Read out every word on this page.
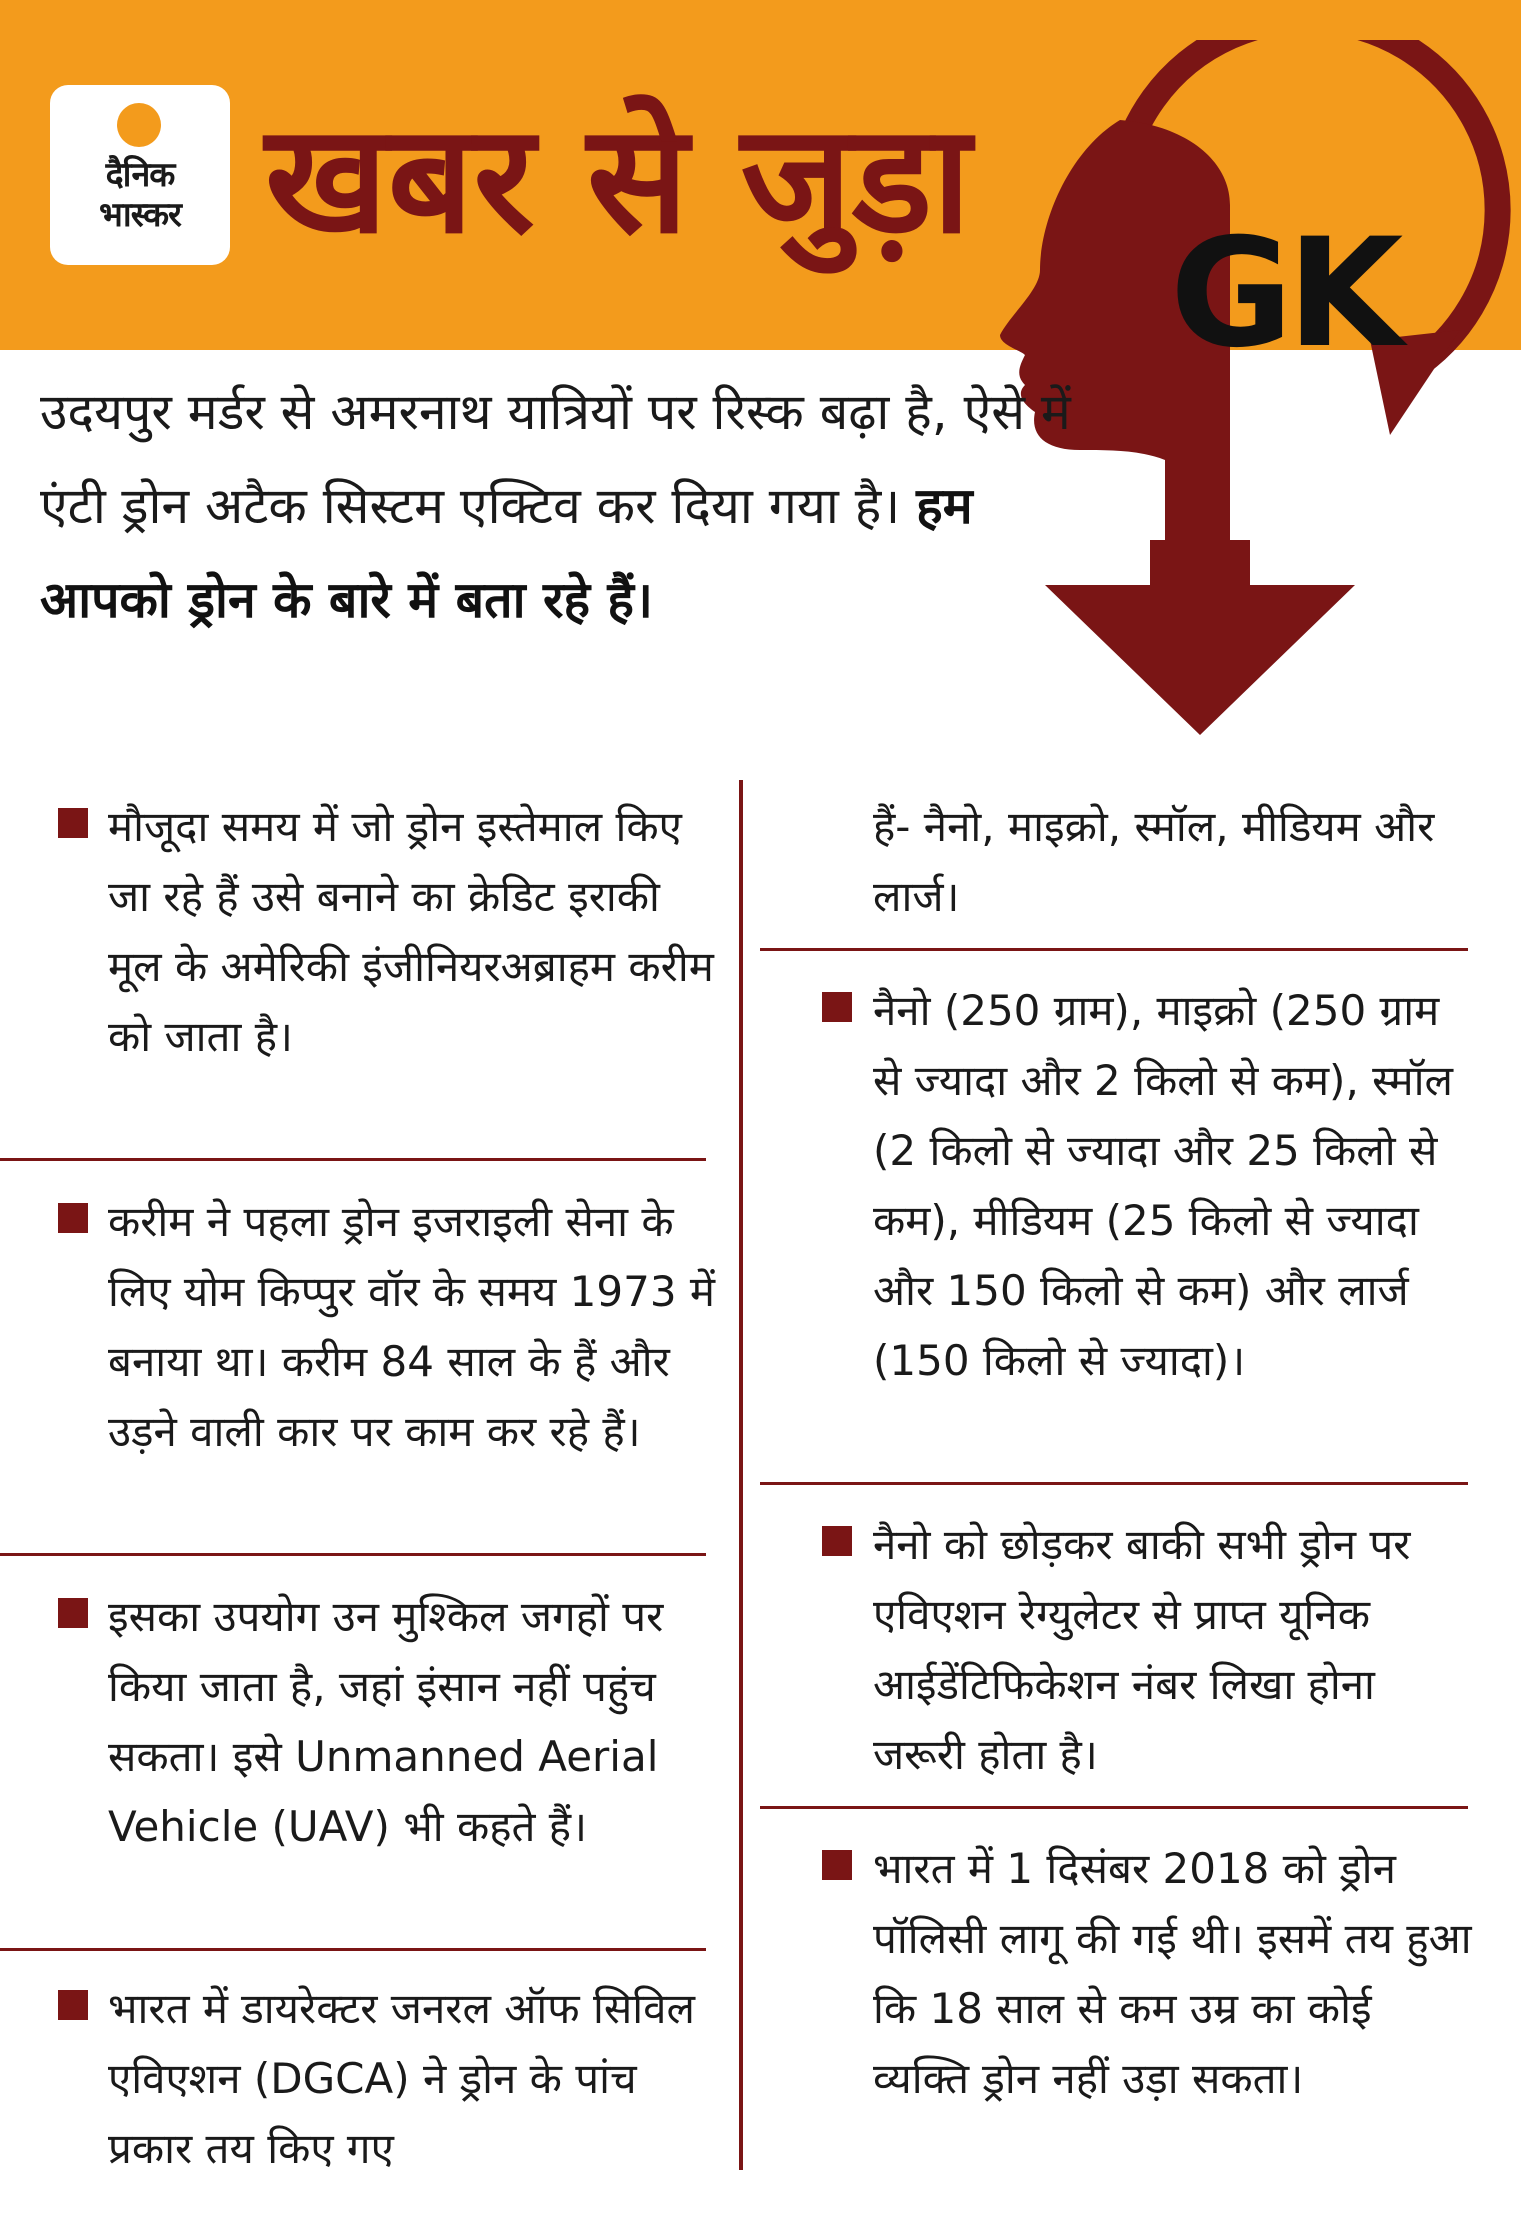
दैनिक
भास्कर खबर से जुड़ा
GK
उदयपुर मर्डर से अमरनाथ यात्रियों पर रिस्क बढ़ा है, ऐसे में एंटी ड्रोन अटैक सिस्टम एक्टिव कर दिया गया है। हम आपको ड्रोन के बारे में बता रहे हैं।
मौजूदा समय में जो ड्रोन इस्तेमाल किए जा रहे हैं उसे बनाने का क्रेडिट इराकी मूल के अमेरिकी इंजीनियरअब्राहम करीम को जाता है।
करीम ने पहला ड्रोन इजराइली सेना के लिए योम किप्पुर वॉर के समय 1973 में बनाया था। करीम 84 साल के हैं और उड़ने वाली कार पर काम कर रहे हैं।
इसका उपयोग उन मुश्किल जगहों पर किया जाता है, जहां इंसान नहीं पहुंच सकता। इसे Unmanned Aerial Vehicle (UAV) भी कहते हैं।
भारत में डायरेक्टर जनरल ऑफ सिविल एविएशन (DGCA) ने ड्रोन के पांच प्रकार तय किए गए
हैं- नैनो, माइक्रो, स्मॉल, मीडियम और लार्ज।
नैनो (250 ग्राम), माइक्रो (250 ग्राम से ज्यादा और 2 किलो से कम), स्मॉल (2 किलो से ज्यादा और 25 किलो से कम), मीडियम (25 किलो से ज्यादा और 150 किलो से कम) और लार्ज (150 किलो से ज्यादा)।
नैनो को छोड़कर बाकी सभी ड्रोन पर एविएशन रेग्युलेटर से प्राप्त यूनिक आईडेंटिफिकेशन नंबर लिखा होना जरूरी होता है।
भारत में 1 दिसंबर 2018 को ड्रोन पॉलिसी लागू की गई थी। इसमें तय हुआ कि 18 साल से कम उम्र का कोई व्यक्ति ड्रोन नहीं उड़ा सकता।
